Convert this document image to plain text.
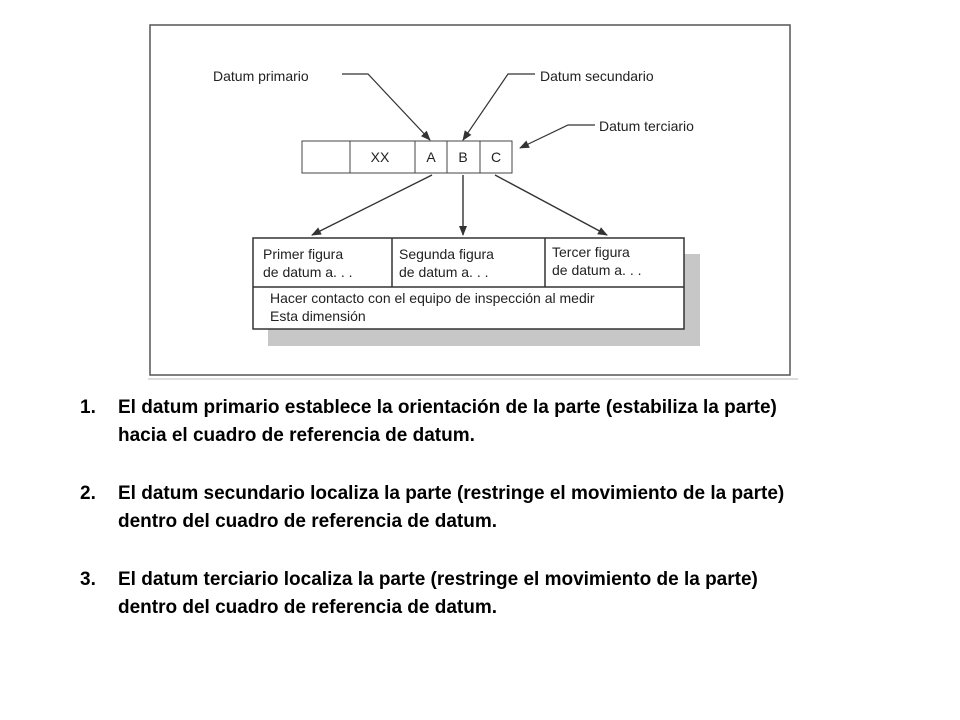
Datum primario	Datum secundario
Datum terciario
XX	A B C
Primer figura
de datum a. . .
Segunda figura
de datum a. . .
Tercer figura
de datum a. . .
Hacer contacto con el equipo de inspección al medir
Esta dimensión
1. El datum primario establece la orientación de la parte (estabiliza la parte)
hacia el cuadro de referencia de datum.
2. El datum secundario localiza la parte (restringe el movimiento de la parte)
dentro del cuadro de referencia de datum.
3. El datum terciario localiza la parte (restringe el movimiento de la parte)
dentro del cuadro de referencia de datum.
